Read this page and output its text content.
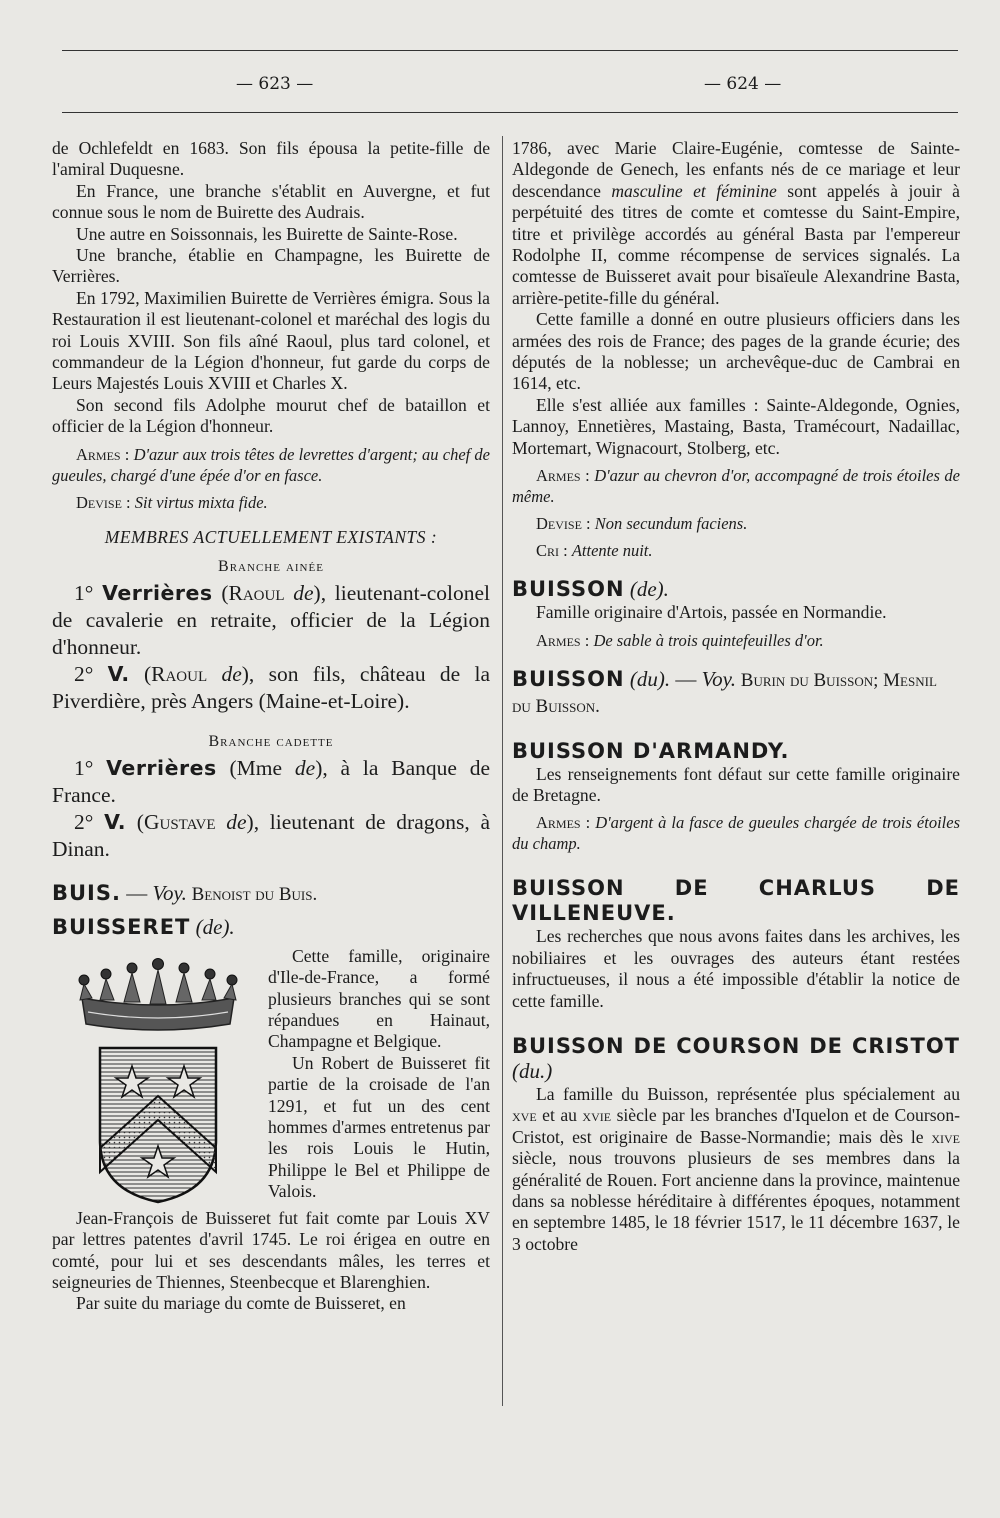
— 623 —	— 624 —

de Ochlefeldt en 1683. Son fils épousa la petite-fille de l'amiral Duquesne.

En France, une branche s'établit en Auvergne, et fut connue sous le nom de Buirette des Audrais.

Une autre en Soissonnais, les Buirette de Sainte-Rose.

Une branche, établie en Champagne, les Buirette de Verrières.

En 1792, Maximilien Buirette de Verrières émigra. Sous la Restauration il est lieutenant-colonel et maréchal des logis du roi Louis XVIII. Son fils aîné Raoul, plus tard colonel, et commandeur de la Légion d'honneur, fut garde du corps de Leurs Majestés Louis XVIII et Charles X.

Son second fils Adolphe mourut chef de bataillon et officier de la Légion d'honneur.

Armes : D'azur aux trois têtes de levrettes d'argent; au chef de gueules, chargé d'une épée d'or en fasce.

Devise : Sit virtus mixta fide.

MEMBRES ACTUELLEMENT EXISTANTS :

Branche ainée

1° Verrières (Raoul de), lieutenant-colonel de cavalerie en retraite, officier de la Légion d'honneur.

2° V. (Raoul de), son fils, château de la Piverdière, près Angers (Maine-et-Loire).

Branche cadette

1° Verrières (Mme de), à la Banque de France.

2° V. (Gustave de), lieutenant de dragons, à Dinan.

BUIS. — Voy. Benoist du Buis.

BUISSERET (de).

Cette famille, originaire d'Ile-de-France, a formé plusieurs branches qui se sont répandues en Hainaut, Champagne et Belgique.

Un Robert de Buisseret fit partie de la croisade de l'an 1291, et fut un des cent hommes d'armes entretenus par les rois Louis le Hutin, Philippe le Bel et Philippe de Valois.

Jean-François de Buisseret fut fait comte par Louis XV par lettres patentes d'avril 1745. Le roi érigea en outre en comté, pour lui et ses descendants mâles, les terres et seigneuries de Thiennes, Steenbecque et Blarenghien.

Par suite du mariage du comte de Buisseret, en

1786, avec Marie Claire-Eugénie, comtesse de Sainte-Aldegonde de Genech, les enfants nés de ce mariage et leur descendance masculine et féminine sont appelés à jouir à perpétuité des titres de comte et comtesse du Saint-Empire, titre et privilège accordés au général Basta par l'empereur Rodolphe II, comme récompense de services signalés. La comtesse de Buisseret avait pour bisaïeule Alexandrine Basta, arrière-petite-fille du général.

Cette famille a donné en outre plusieurs officiers dans les armées des rois de France; des pages de la grande écurie; des députés de la noblesse; un archevêque-duc de Cambrai en 1614, etc.

Elle s'est alliée aux familles : Sainte-Aldegonde, Ognies, Lannoy, Ennetières, Mastaing, Basta, Tramécourt, Nadaillac, Mortemart, Wignacourt, Stolberg, etc.

Armes : D'azur au chevron d'or, accompagné de trois étoiles de même.

Devise : Non secundum faciens.

Cri : Attente nuit.

BUISSON (de).

Famille originaire d'Artois, passée en Normandie.

Armes : De sable à trois quintefeuilles d'or.

BUISSON (du). — Voy. Burin du Buisson; Mesnil du Buisson.

BUISSON D'ARMANDY.

Les renseignements font défaut sur cette famille originaire de Bretagne.

Armes : D'argent à la fasce de gueules chargée de trois étoiles du champ.

BUISSON DE CHARLUS DE VILLENEUVE.

Les recherches que nous avons faites dans les archives, les nobiliaires et les ouvrages des auteurs étant restées infructueuses, il nous a été impossible d'établir la notice de cette famille.

BUISSON DE COURSON DE CRISTOT (du.)

La famille du Buisson, représentée plus spécialement au xve et au xvie siècle par les branches d'Iquelon et de Courson-Cristot, est originaire de Basse-Normandie; mais dès le xive siècle, nous trouvons plusieurs de ses membres dans la généralité de Rouen. Fort ancienne dans la province, maintenue dans sa noblesse héréditaire à différentes époques, notamment en septembre 1485, le 18 février 1517, le 11 décembre 1637, le 3 octobre
